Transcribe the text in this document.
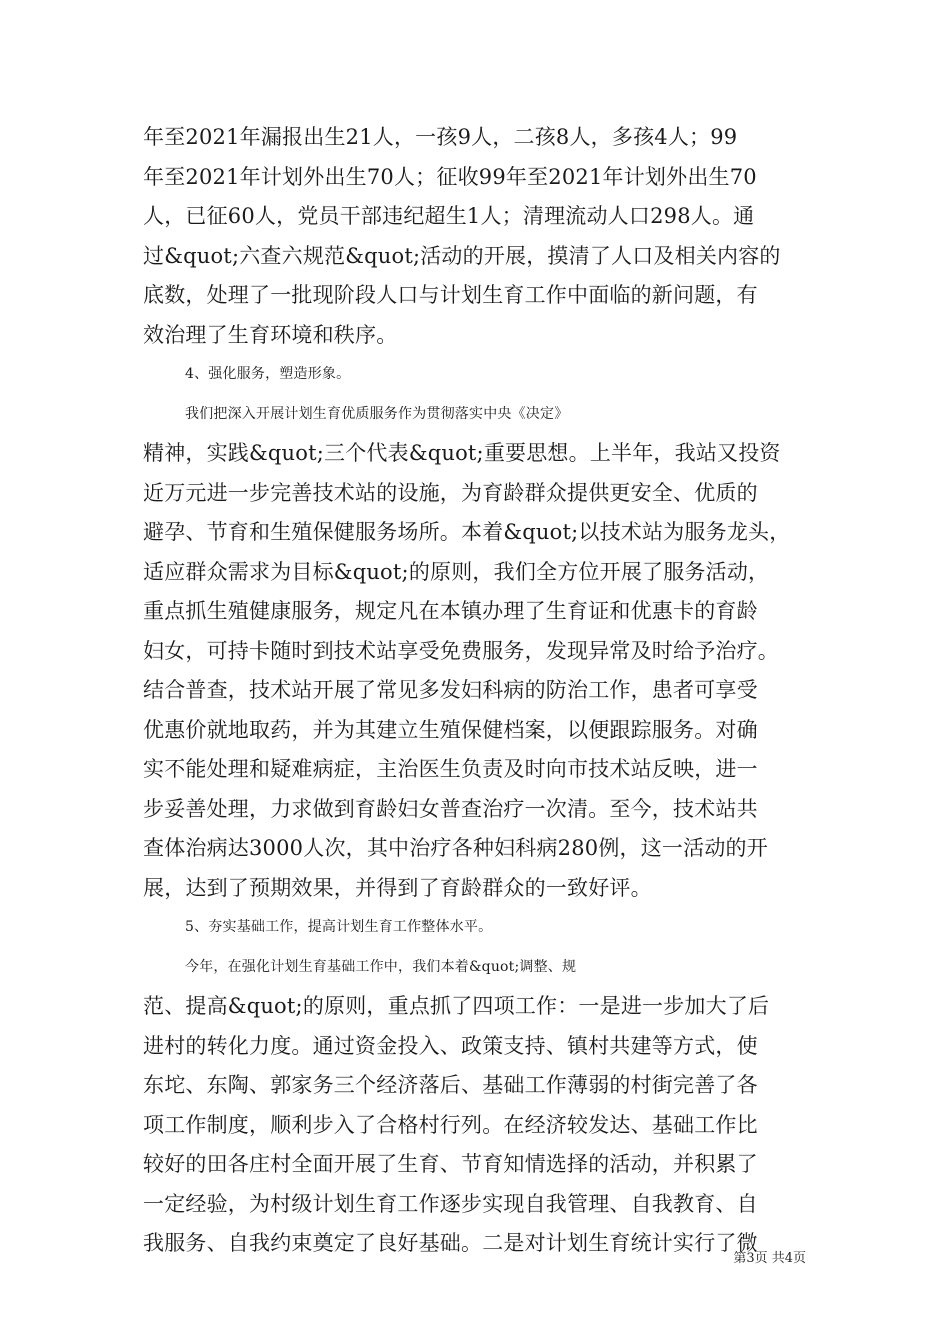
年至2021年漏报出生21人，一孩9人，二孩8人，多孩4人；99
年至2021年计划外出生70人；征收99年至2021年计划外出生70
人，已征60人，党员干部违纪超生1人；清理流动人口298人。通
过&quot;六查六规范&quot;活动的开展，摸清了人口及相关内容的
底数，处理了一批现阶段人口与计划生育工作中面临的新问题，有
效治理了生育环境和秩序。
4、强化服务，塑造形象。
我们把深入开展计划生育优质服务作为贯彻落实中央《决定》
精神，实践&quot;三个代表&quot;重要思想。上半年，我站又投资
近万元进一步完善技术站的设施，为育龄群众提供更安全、优质的
避孕、节育和生殖保健服务场所。本着&quot;以技术站为服务龙头，
适应群众需求为目标&quot;的原则，我们全方位开展了服务活动，
重点抓生殖健康服务，规定凡在本镇办理了生育证和优惠卡的育龄
妇女，可持卡随时到技术站享受免费服务，发现异常及时给予治疗。
结合普查，技术站开展了常见多发妇科病的防治工作，患者可享受
优惠价就地取药，并为其建立生殖保健档案，以便跟踪服务。对确
实不能处理和疑难病症，主治医生负责及时向市技术站反映，进一
步妥善处理，力求做到育龄妇女普查治疗一次清。至今，技术站共
查体治病达3000人次，其中治疗各种妇科病280例，这一活动的开
展，达到了预期效果，并得到了育龄群众的一致好评。
5、夯实基础工作，提高计划生育工作整体水平。
今年，在强化计划生育基础工作中，我们本着&quot;调整、规
范、提高&quot;的原则，重点抓了四项工作：一是进一步加大了后
进村的转化力度。通过资金投入、政策支持、镇村共建等方式，使
东坨、东陶、郭家务三个经济落后、基础工作薄弱的村街完善了各
项工作制度，顺利步入了合格村行列。在经济较发达、基础工作比
较好的田各庄村全面开展了生育、节育知情选择的活动，并积累了
一定经验，为村级计划生育工作逐步实现自我管理、自我教育、自
我服务、自我约束奠定了良好基础。二是对计划生育统计实行了微
第3页 共4页
